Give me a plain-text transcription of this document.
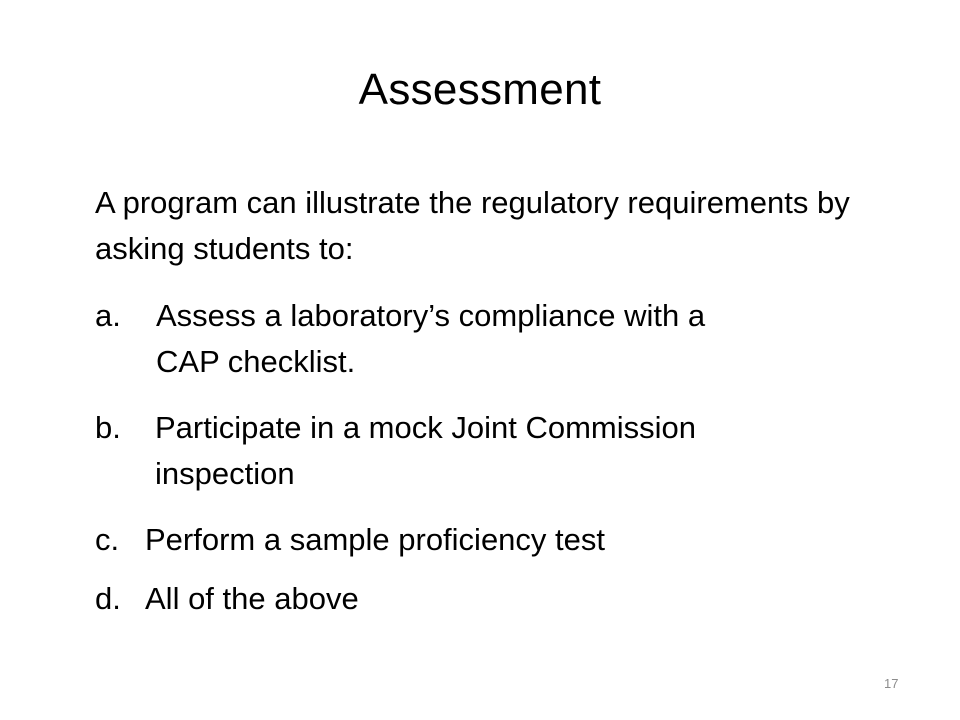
Assessment

A program can illustrate the regulatory requirements by asking students to:

a. Assess a laboratory’s compliance with a
CAP checklist.
b. Participate in a mock Joint Commission
inspection
c. Perform a sample proficiency test
d. All of the above
17
